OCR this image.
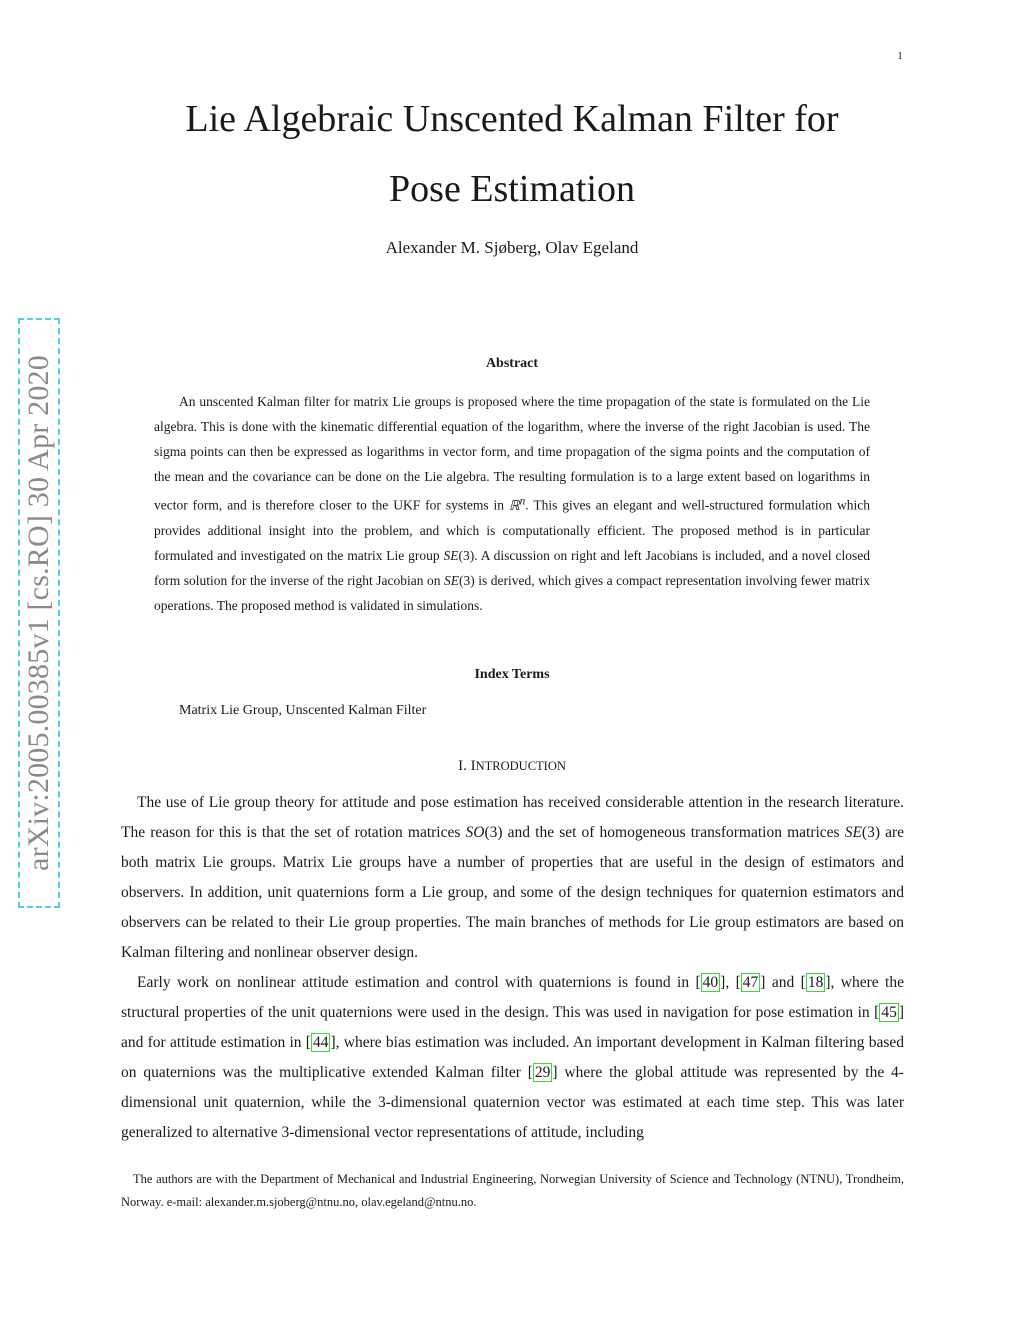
1
Lie Algebraic Unscented Kalman Filter for
Pose Estimation
Alexander M. Sjøberg, Olav Egeland
arXiv:2005.00385v1 [cs.RO] 30 Apr 2020	Abstract

An unscented Kalman filter for matrix Lie groups is proposed where the time propagation of the state is formulated on the Lie algebra. This is done with the kinematic differential equation of the logarithm, where the inverse of the right Jacobian is used. The sigma points can then be expressed as logarithms in vector form, and time propagation of the sigma points and the computation of the mean and the covariance can be done on the Lie algebra. The resulting formulation is to a large extent based on logarithms in vector form, and is therefore closer to the UKF for systems in ℝ$^n$. This gives an elegant and well-structured formulation which provides additional insight into the problem, and which is computationally efficient. The proposed method is in particular formulated and investigated on the matrix Lie group SE(3). A discussion on right and left Jacobians is included, and a novel closed form solution for the inverse of the right Jacobian on SE(3) is derived, which gives a compact representation involving fewer matrix operations. The proposed method is validated in simulations.

Index Terms
Matrix Lie Group, Unscented Kalman Filter
I. INTRODUCTION

The use of Lie group theory for attitude and pose estimation has received considerable attention in the research literature. The reason for this is that the set of rotation matrices SO(3) and the set of homogeneous transformation matrices SE(3) are both matrix Lie groups. Matrix Lie groups have a number of properties that are useful in the design of estimators and observers. In addition, unit quaternions form a Lie group, and some of the design techniques for quaternion estimators and observers can be related to their Lie group properties. The main branches of methods for Lie group estimators are based on Kalman filtering and nonlinear observer design.

Early work on nonlinear attitude estimation and control with quaternions is found in [ 40 ], [ 47 ] and [ 18 ], where the structural properties of the unit quaternions were used in the design. This was used in navigation for pose estimation in [ 45 ] and for attitude estimation in [ 44 ], where bias estimation was included. An important development in Kalman filtering based on quaternions was the multiplicative extended Kalman filter [ 29 ] where the global attitude was represented by the 4-dimensional unit quaternion, while the 3-dimensional quaternion vector was estimated at each time step. This was later generalized to alternative 3-dimensional vector representations of attitude, including

The authors are with the Department of Mechanical and Industrial Engineering, Norwegian University of Science and Technology (NTNU), Trondheim, Norway. e-mail: alexander.m.sjoberg@ntnu.no, olav.egeland@ntnu.no.
